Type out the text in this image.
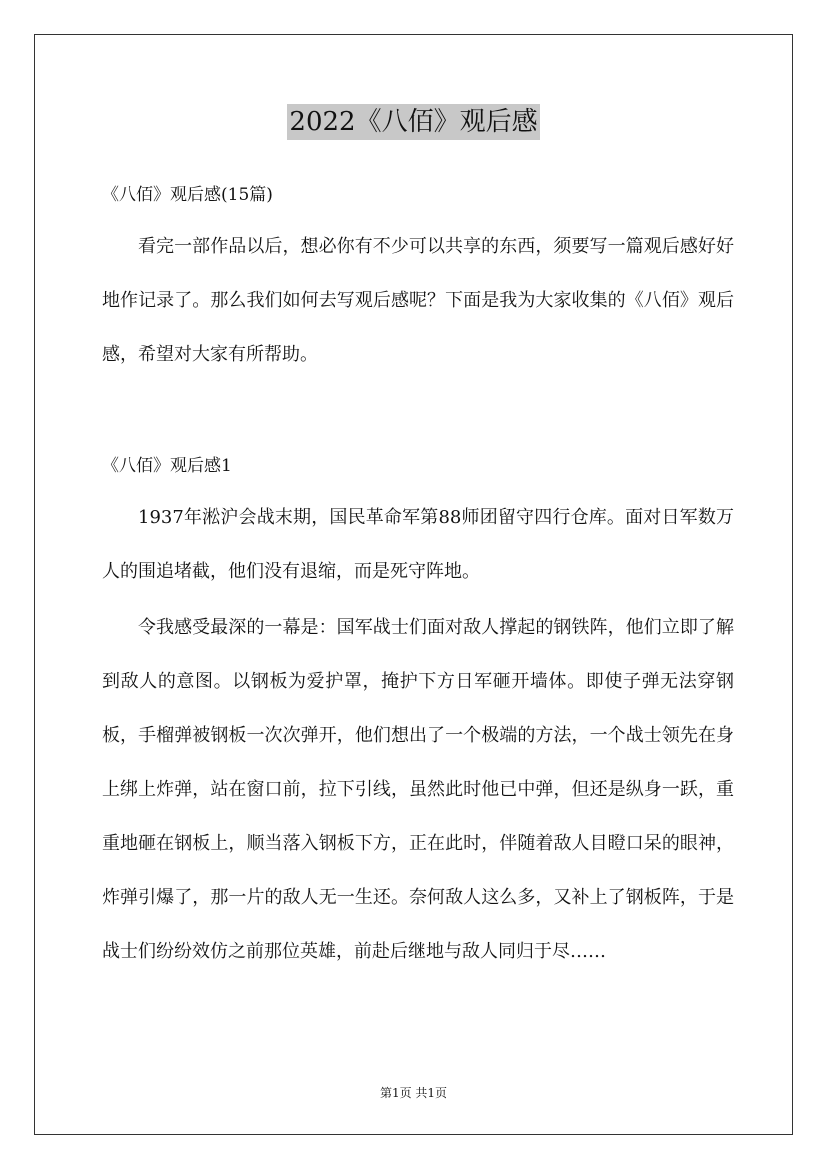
2022《八佰》观后感
《八佰》观后感(15篇)

看完一部作品以后，想必你有不少可以共享的东西，须要写一篇观后感好好地作记录了。那么我们如何去写观后感呢？下面是我为大家收集的《八佰》观后感，希望对大家有所帮助。

《八佰》观后感1

1937年淞沪会战末期，国民革命军第88师团留守四行仓库。面对日军数万人的围追堵截，他们没有退缩，而是死守阵地。

令我感受最深的一幕是：国军战士们面对敌人撑起的钢铁阵，他们立即了解到敌人的意图。以钢板为爱护罩，掩护下方日军砸开墙体。即使子弹无法穿钢板，手榴弹被钢板一次次弹开，他们想出了一个极端的方法，一个战士领先在身上绑上炸弹，站在窗口前，拉下引线，虽然此时他已中弹，但还是纵身一跃，重重地砸在钢板上，顺当落入钢板下方，正在此时，伴随着敌人目瞪口呆的眼神，炸弹引爆了，那一片的敌人无一生还。奈何敌人这么多，又补上了钢板阵，于是战士们纷纷效仿之前那位英雄，前赴后继地与敌人同归于尽……

第1页 共1页
